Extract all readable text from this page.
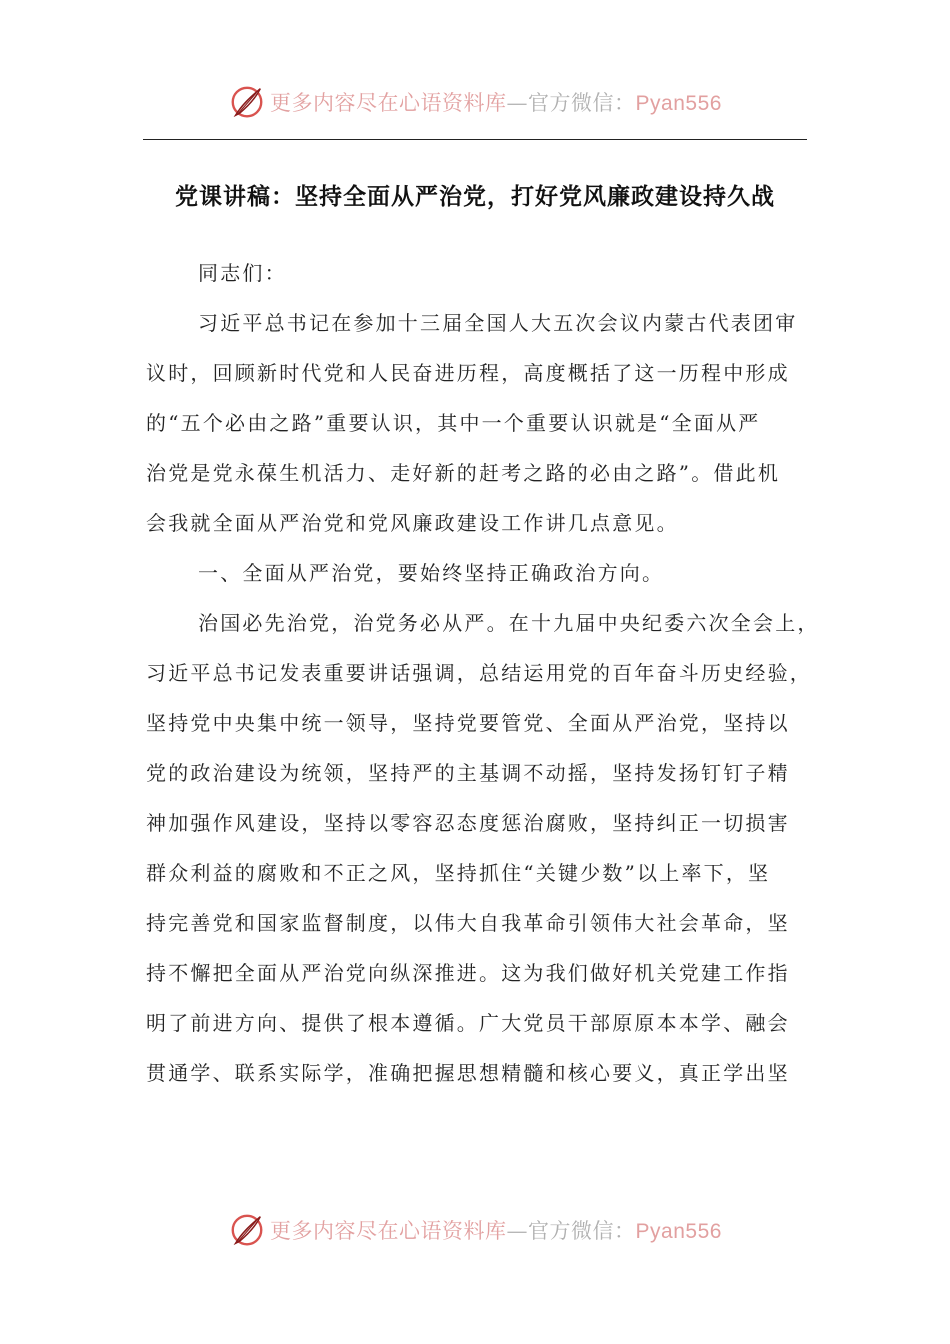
更多内容尽在心语资料库—官方微信：Pyan556
党课讲稿：坚持全面从严治党，打好党风廉政建设持久战
同志们：
习近平总书记在参加十三届全国人大五次会议内蒙古代表团审
议时，回顾新时代党和人民奋进历程，高度概括了这一历程中形成
的“五个必由之路”重要认识，其中一个重要认识就是“全面从严
治党是党永葆生机活力、走好新的赶考之路的必由之路”。借此机
会我就全面从严治党和党风廉政建设工作讲几点意见。
一、全面从严治党，要始终坚持正确政治方向。
治国必先治党，治党务必从严。在十九届中央纪委六次全会上，
习近平总书记发表重要讲话强调，总结运用党的百年奋斗历史经验，
坚持党中央集中统一领导，坚持党要管党、全面从严治党，坚持以
党的政治建设为统领，坚持严的主基调不动摇，坚持发扬钉钉子精
神加强作风建设，坚持以零容忍态度惩治腐败，坚持纠正一切损害
群众利益的腐败和不正之风，坚持抓住“关键少数”以上率下，坚
持完善党和国家监督制度，以伟大自我革命引领伟大社会革命，坚
持不懈把全面从严治党向纵深推进。这为我们做好机关党建工作指
明了前进方向、提供了根本遵循。广大党员干部原原本本学、融会
贯通学、联系实际学，准确把握思想精髓和核心要义，真正学出坚
更多内容尽在心语资料库—官方微信：Pyan556
